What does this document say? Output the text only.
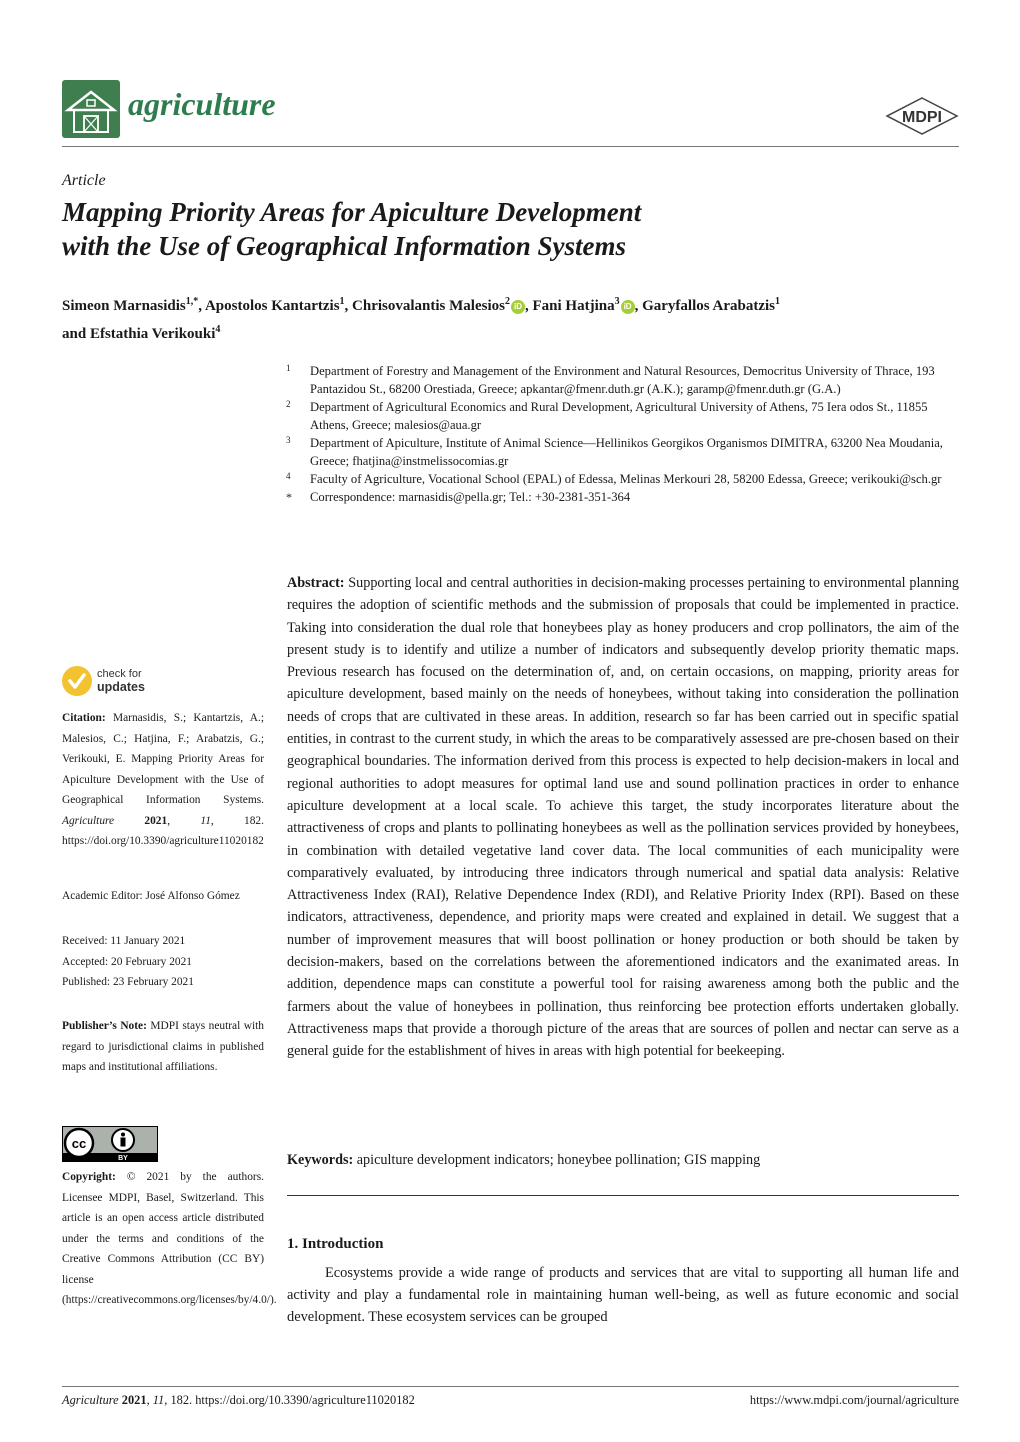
agriculture	MDPI
Article
Mapping Priority Areas for Apiculture Development
with the Use of Geographical Information Systems
Simeon Marnasidis$^{1,*}$, Apostolos Kantartzis$^1$, Chrisovalantis Malesios$^2$ iD , Fani Hatjina$^3$ iD , Garyfallos Arabatzis$^1$
and Efstathia Verikouki$^4$
1 Department of Forestry and Management of the Environment and Natural Resources, Democritus University of Thrace, 193 Pantazidou St., 68200 Orestiada, Greece; apkantar@fmenr.duth.gr (A.K.); garamp@fmenr.duth.gr (G.A.)
2 Department of Agricultural Economics and Rural Development, Agricultural University of Athens, 75 Iera odos St., 11855 Athens, Greece; malesios@aua.gr
3 Department of Apiculture, Institute of Animal Science—Hellinikos Georgikos Organismos DIMITRA, 63200 Nea Moudania, Greece; fhatjina@instmelissocomias.gr
4 Faculty of Agriculture, Vocational School (EPAL) of Edessa, Melinas Merkouri 28, 58200 Edessa, Greece; verikouki@sch.gr
* Correspondence: marnasidis@pella.gr; Tel.: +30-2381-351-364
check for
updates
Citation: Marnasidis, S.; Kantartzis, A.; Malesios, C.; Hatjina, F.; Arabatzis, G.; Verikouki, E. Mapping Priority Areas for Apiculture Development with the Use of Geographical Information Systems. Agriculture	2021, 11, 182. https://doi.org/10.3390/agriculture11020182
Academic Editor: José Alfonso Gómez
Received: 11 January 2021
Accepted: 20 February 2021
Published: 23 February 2021
Publisher’s Note: MDPI stays neutral with regard to jurisdictional claims in published maps and institutional affiliations.
cc
BY
Copyright: © 2021 by the authors. Licensee MDPI, Basel, Switzerland. This article is an open access article distributed under the terms and conditions of the Creative Commons Attribution (CC BY) license (https://creativecommons.org/licenses/by/4.0/).
Abstract: Supporting local and central authorities in decision-making processes pertaining to environmental planning requires the adoption of scientific methods and the submission of proposals that could be implemented in practice. Taking into consideration the dual role that honeybees play as honey producers and crop pollinators, the aim of the present study is to identify and utilize a number of indicators and subsequently develop priority thematic maps. Previous research has focused on the determination of, and, on certain occasions, on mapping, priority areas for apiculture development, based mainly on the needs of honeybees, without taking into consideration the pollination needs of crops that are cultivated in these areas. In addition, research so far has been carried out in specific spatial entities, in contrast to the current study, in which the areas to be comparatively assessed are pre-chosen based on their geographical boundaries. The information derived from this process is expected to help decision-makers in local and regional authorities to adopt measures for optimal land use and sound pollination practices in order to enhance apiculture development at a local scale. To achieve this target, the study incorporates literature about the attractiveness of crops and plants to pollinating honeybees as well as the pollination services provided by honeybees, in combination with detailed vegetative land cover data. The local communities of each municipality were comparatively evaluated, by introducing three indicators through numerical and spatial data analysis: Relative Attractiveness Index (RAI), Relative Dependence Index (RDI), and Relative Priority Index (RPI). Based on these indicators, attractiveness, dependence, and priority maps were created and explained in detail. We suggest that a number of improvement measures that will boost pollination or honey production or both should be taken by decision-makers, based on the correlations between the aforementioned indicators and the exanimated areas. In addition, dependence maps can constitute a powerful tool for raising awareness among both the public and the farmers about the value of honeybees in pollination, thus reinforcing bee protection efforts undertaken globally. Attractiveness maps that provide a thorough picture of the areas that are sources of pollen and nectar can serve as a general guide for the establishment of hives in areas with high potential for beekeeping.
Keywords: apiculture development indicators; honeybee pollination; GIS mapping
1. Introduction
Ecosystems provide a wide range of products and services that are vital to supporting all human life and activity and play a fundamental role in maintaining human well-being, as well as future economic and social development. These ecosystem services can be grouped
Agriculture 2021, 11, 182. https://doi.org/10.3390/agriculture11020182	https://www.mdpi.com/journal/agriculture
